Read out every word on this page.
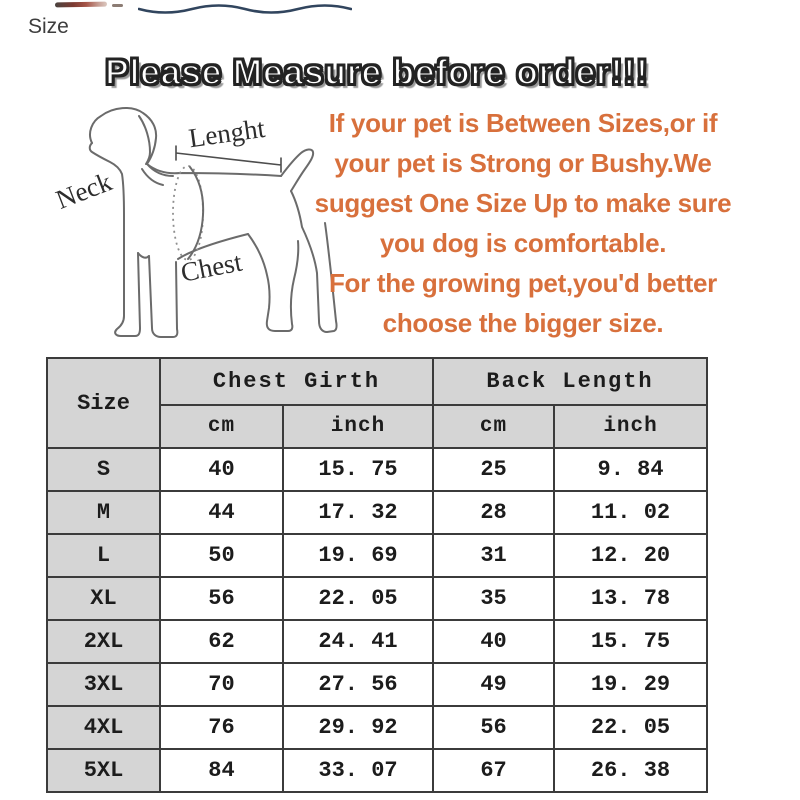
Size
Please Measure before order!!!
Lenght
Neck
Chest
If your pet is Between Sizes,or if
your pet is Strong or Bushy.We
suggest One Size Up to make sure
you dog is comfortable.
For the growing pet,you'd better
choose the bigger size.
Size	Chest Girth		Back Length	
	cm	inch	cm	inch
S	40	15. 75	25	9. 84
M	44	17. 32	28	11. 02
L	50	19. 69	31	12. 20
XL	56	22. 05	35	13. 78
2XL	62	24. 41	40	15. 75
3XL	70	27. 56	49	19. 29
4XL	76	29. 92	56	22. 05
5XL	84	33. 07	67	26. 38
